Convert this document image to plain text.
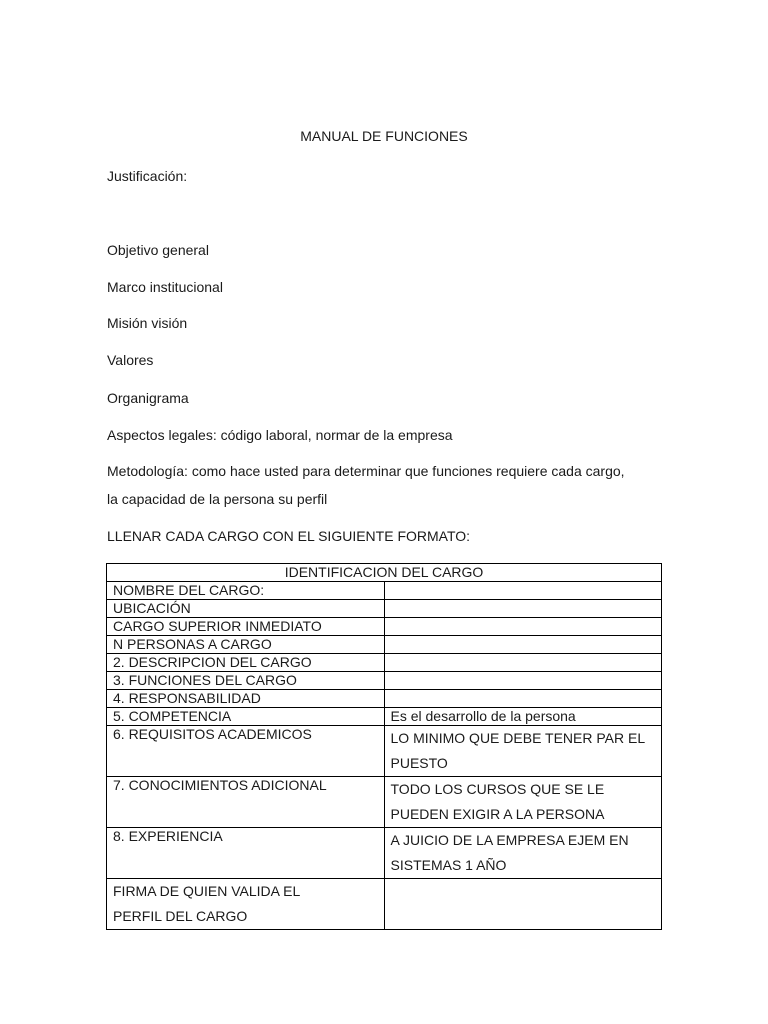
MANUAL DE FUNCIONES
Justificación:
Objetivo general
Marco institucional
Misión visión
Valores
Organigrama
Aspectos legales: código laboral, normar de la empresa
Metodología: como hace usted para determinar que funciones requiere cada cargo, la capacidad de la persona su perfil
LLENAR CADA CARGO CON EL SIGUIENTE FORMATO:
IDENTIFICACION DEL CARGO	
NOMBRE DEL CARGO:	
UBICACIÓN	
CARGO SUPERIOR INMEDIATO	
N PERSONAS A CARGO	
2. DESCRIPCION DEL CARGO	
3. FUNCIONES DEL CARGO	
4. RESPONSABILIDAD	
5. COMPETENCIA	Es el desarrollo de la persona
6. REQUISITOS ACADEMICOS	LO MINIMO QUE DEBE TENER PAR EL PUESTO
7. CONOCIMIENTOS ADICIONAL	TODO LOS CURSOS QUE SE LE PUEDEN EXIGIR A LA PERSONA
8. EXPERIENCIA	A JUICIO DE LA EMPRESA EJEM EN SISTEMAS 1 AÑO
FIRMA DE QUIEN VALIDA EL PERFIL DEL CARGO	
